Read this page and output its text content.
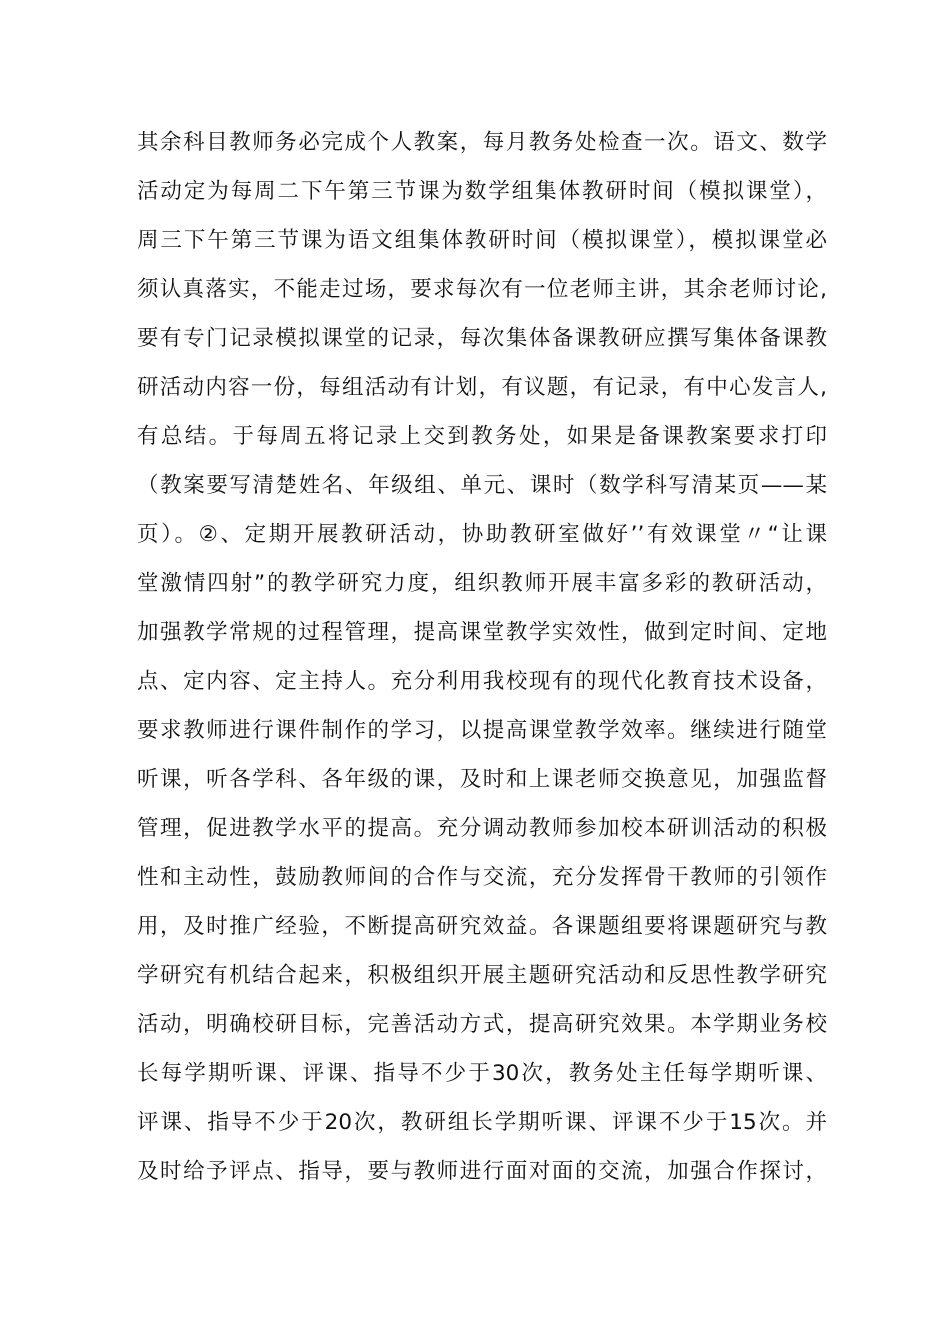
其余科目教师务必完成个人教案，每月教务处检查一次。语文、数学
活动定为每周二下午第三节课为数学组集体教研时间（模拟课堂），
周三下午第三节课为语文组集体教研时间（模拟课堂），模拟课堂必
须认真落实，不能走过场，要求每次有一位老师主讲，其余老师讨论,
要有专门记录模拟课堂的记录，每次集体备课教研应撰写集体备课教
研活动内容一份，每组活动有计划，有议题，有记录，有中心发言人,
有总结。于每周五将记录上交到教务处，如果是备课教案要求打印
（教案要写清楚姓名、年级组、单元、课时（数学科写清某页——某
页）。②、定期开展教研活动，协助教研室做好’’有效课堂〃“让课
堂激情四射”的教学研究力度，组织教师开展丰富多彩的教研活动，
加强教学常规的过程管理，提高课堂教学实效性，做到定时间、定地
点、定内容、定主持人。充分利用我校现有的现代化教育技术设备，
要求教师进行课件制作的学习，以提高课堂教学效率。继续进行随堂
听课，听各学科、各年级的课，及时和上课老师交换意见，加强监督
管理，促进教学水平的提高。充分调动教师参加校本研训活动的积极
性和主动性，鼓励教师间的合作与交流，充分发挥骨干教师的引领作
用，及时推广经验，不断提高研究效益。各课题组要将课题研究与教
学研究有机结合起来，积极组织开展主题研究活动和反思性教学研究
活动，明确校研目标，完善活动方式，提高研究效果。本学期业务校
长每学期听课、评课、指导不少于30次，教务处主任每学期听课、
评课、指导不少于20次，教研组长学期听课、评课不少于15次。并
及时给予评点、指导，要与教师进行面对面的交流，加强合作探讨，
